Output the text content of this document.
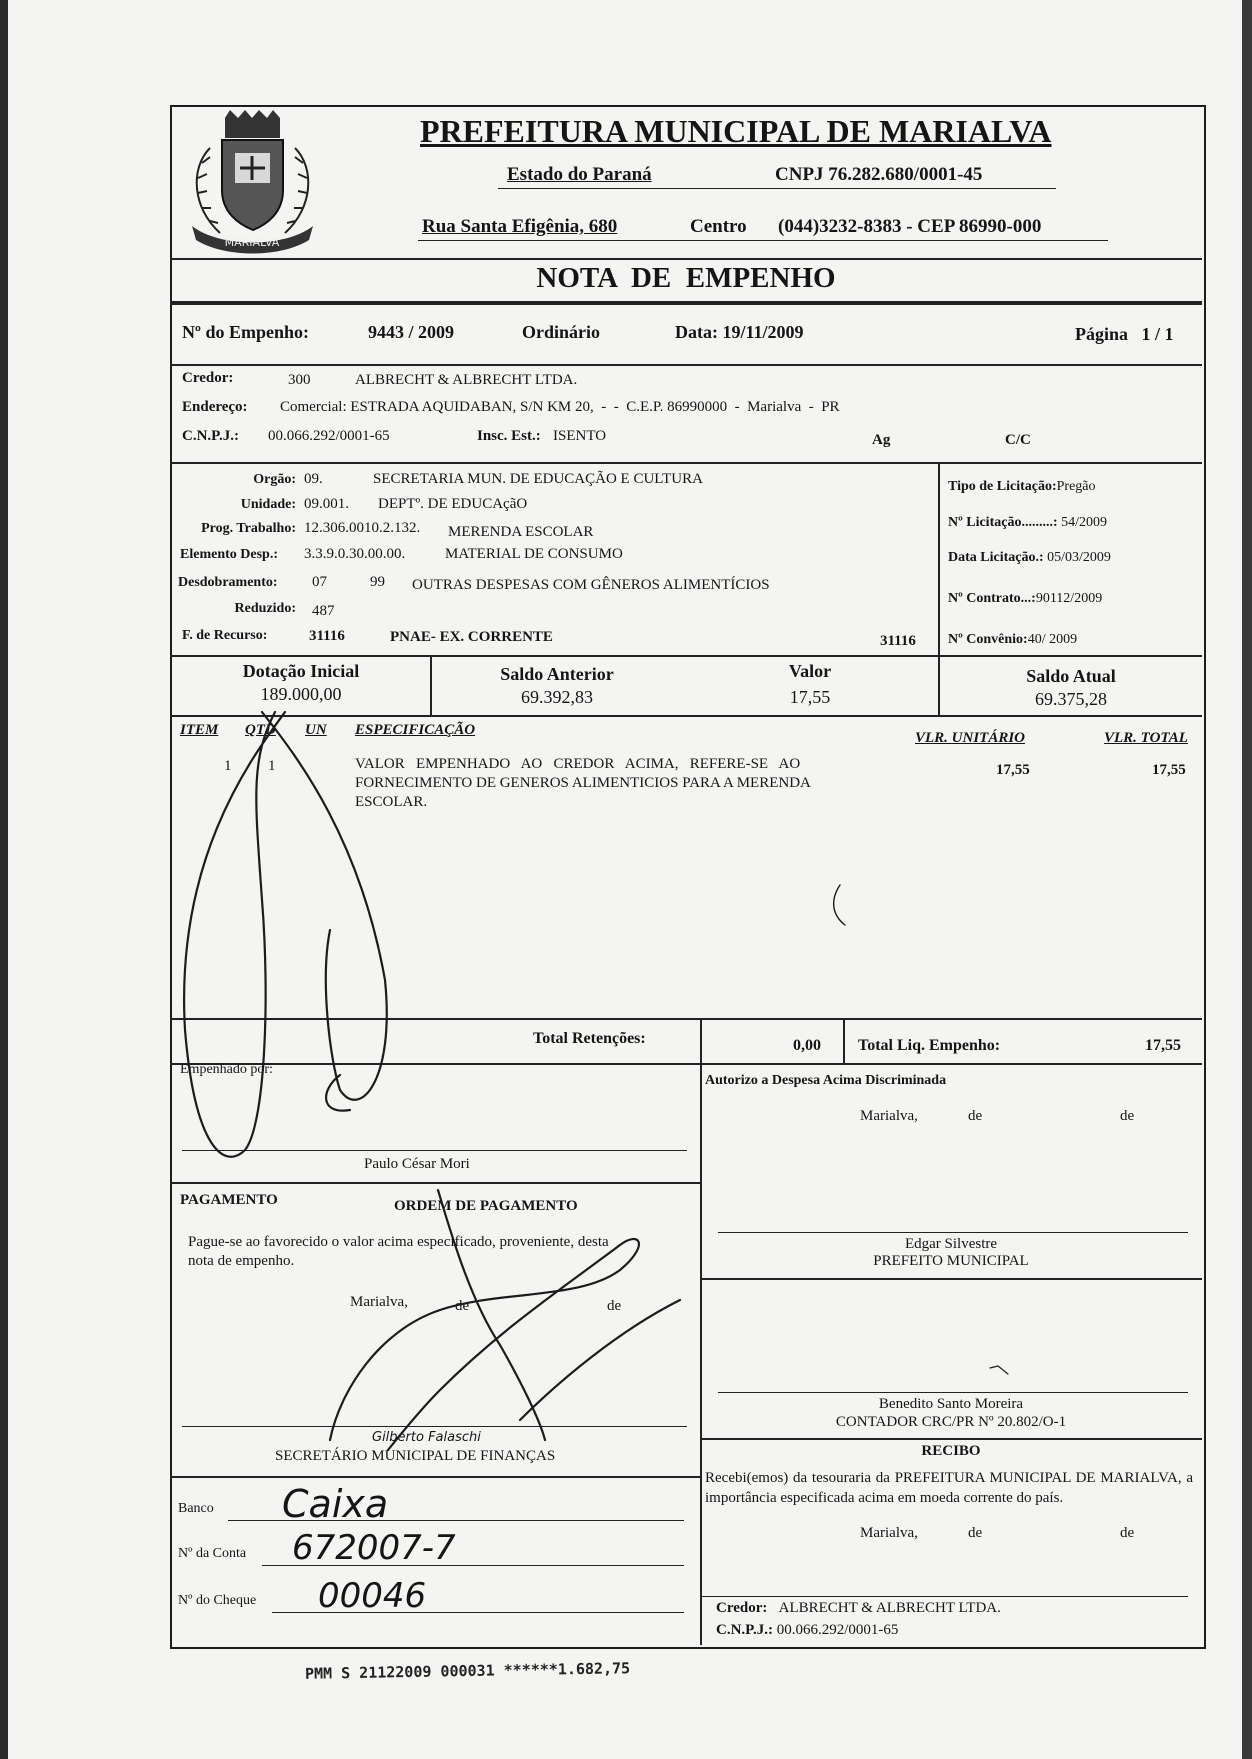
MARIALVA
PREFEITURA MUNICIPAL DE MARIALVA
Estado do Paraná	CNPJ 76.282.680/0001-45
Rua Santa Efigênia, 680	Centro (044)3232-8383 - CEP 86990-000
NOTA  DE  EMPENHO
Nº do Empenho:	9443 / 2009	Ordinário	Data: 19/11/2009	Página   1 / 1
Credor:	300	ALBRECHT & ALBRECHT LTDA.
Endereço: Comercial: ESTRADA AQUIDABAN, S/N KM 20,  -  -  C.E.P. 86990000  -  Marialva  -  PR
C.N.P.J.: 00.066.292/0001-65	Insc. Est.: ISENTO	Ag	C/C
Orgão: 09.	SECRETARIA MUN. DE EDUCAÇÃO E CULTURA
Unidade: 09.001. DEPTº. DE EDUCAçãO
Prog. Trabalho: 12.306.0010.2.132. MERENDA ESCOLAR
Elemento Desp.: 3.3.9.0.30.00.00.	MATERIAL DE CONSUMO
Desdobramento: 07	99 OUTRAS DESPESAS COM GÊNEROS ALIMENTÍCIOS
Reduzido: 487
F. de Recurso:	31116	PNAE- EX. CORRENTE	31116
Tipo de Licitação:Pregão
Nº Licitação.........: 54/2009
Data Licitação.: 05/03/2009
Nº Contrato...:90112/2009
Nº Convênio:40/ 2009
Dotação Inicial
189.000,00
Saldo Anterior
69.392,83
Valor
17,55
Saldo Atual
69.375,28
ITEM QTD UN ESPECIFICAÇÃO	VLR. UNITÁRIO	VLR. TOTAL
1 1	VALOR   EMPENHADO   AO   CREDOR   ACIMA,   REFERE-SE   AO
FORNECIMENTO DE GENEROS ALIMENTICIOS PARA A MERENDA
ESCOLAR.
17,55	17,55
Total Retenções:	0,00 Total Liq. Empenho:	17,55
Empenhado por:
Paulo César Mori
Autorizo a Despesa Acima Discriminada
Marialva,	de	de
Edgar Silvestre
PREFEITO MUNICIPAL
PAGAMENTO	ORDEM DE PAGAMENTO
Pague-se ao favorecido o valor acima especificado, proveniente, desta
nota de empenho.
Marialva,	de	de
Gilberto Falaschi
SECRETÁRIO MUNICIPAL DE FINANÇAS
Banco Caixa
Nº da Conta 672007-7
Nº do Cheque 00046
Benedito Santo Moreira
CONTADOR CRC/PR Nº 20.802/O-1
RECIBO
Recebi(emos) da tesouraria da PREFEITURA MUNICIPAL DE MARIALVA, a importância especificada acima em moeda corrente do país.
Marialva,	de	de
Credor: ALBRECHT & ALBRECHT LTDA.
C.N.P.J.: 00.066.292/0001-65
PMM S 21122009 000031 ******1.682,75
